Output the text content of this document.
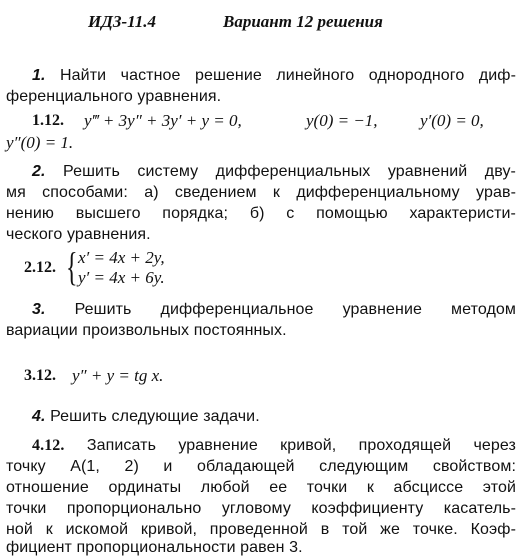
ИДЗ-11.4	Вариант 12 решения
1. Найти частное решение линейного однородного диф-
ференциального уравнения.
1.12. y‴ + 3y″ + 3y′ + y = 0,	y(0) = −1, y′(0) = 0,
y″(0) = 1.
2. Решить систему дифференциальных уравнений дву-
мя способами: а) сведением к дифференциальному урав-
нению высшего порядка; б) с помощью характеристи-
ческого уравнения.
2.12. { x′ = 4x + 2y,
y′ = 4x + 6y.
3. Решить дифференциальное уравнение методом
вариации произвольных постоянных.
3.12. y″ + y = tg x.
4. Решить следующие задачи.
4.12. Записать уравнение кривой, проходящей через
точку A(1, 2) и обладающей следующим свойством:
отношение ординаты любой ее точки к абсциссе этой
точки пропорционально угловому коэффициенту касатель-
ной к искомой кривой, проведенной в той же точке. Коэф-
фициент пропорциональности равен 3.
